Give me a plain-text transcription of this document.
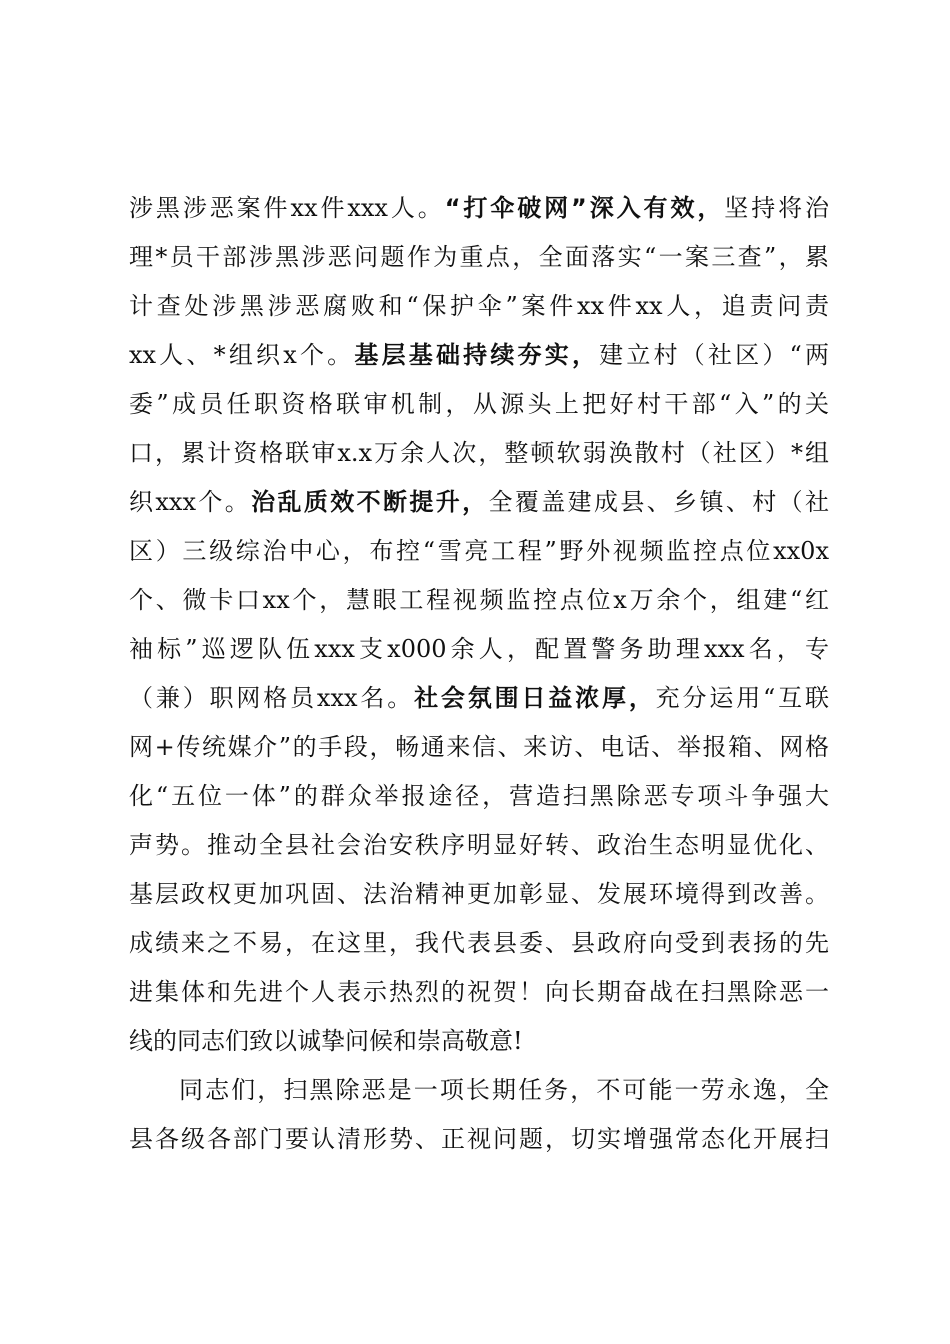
涉黑涉恶案件xx件xxx人。“打伞破网”深入有效，坚持将治
理*员干部涉黑涉恶问题作为重点，全面落实“一案三查”，累
计查处涉黑涉恶腐败和“保护伞”案件xx件xx人，追责问责
xx人、*组织x个。基层基础持续夯实，建立村（社区）“两
委”成员任职资格联审机制，从源头上把好村干部“入”的关
口，累计资格联审x.x万余人次，整顿软弱涣散村（社区）*组
织xxx个。治乱质效不断提升，全覆盖建成县、乡镇、村（社
区）三级综治中心，布控“雪亮工程”野外视频监控点位xx0x
个、微卡口xx个，慧眼工程视频监控点位x万余个，组建“红
袖标”巡逻队伍xxx支x000余人，配置警务助理xxx名，专
（兼）职网格员xxx名。社会氛围日益浓厚，充分运用“互联
网+传统媒介”的手段，畅通来信、来访、电话、举报箱、网格
化“五位一体”的群众举报途径，营造扫黑除恶专项斗争强大
声势。推动全县社会治安秩序明显好转、政治生态明显优化、
基层政权更加巩固、法治精神更加彰显、发展环境得到改善。
成绩来之不易，在这里，我代表县委、县政府向受到表扬的先
进集体和先进个人表示热烈的祝贺！向长期奋战在扫黑除恶一
线的同志们致以诚挚问候和崇高敬意!
同志们，扫黑除恶是一项长期任务，不可能一劳永逸，全
县各级各部门要认清形势、正视问题，切实增强常态化开展扫
